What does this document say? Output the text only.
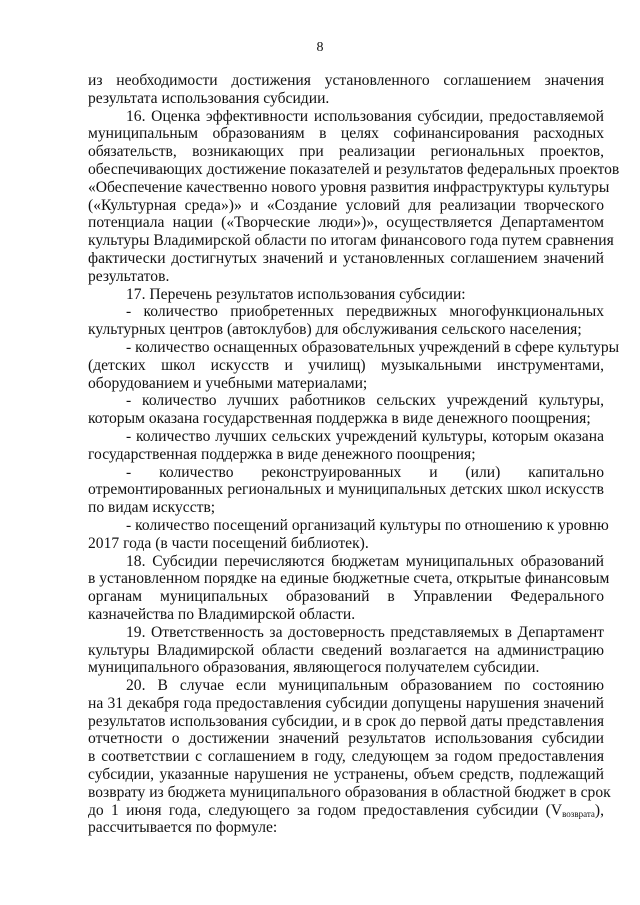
8
из необходимости достижения установленного соглашением значения
результата использования субсидии.
16. Оценка эффективности использования субсидии, предоставляемой
муниципальным образованиям в целях софинансирования расходных
обязательств, возникающих при реализации региональных проектов,
обеспечивающих достижение показателей и результатов федеральных проектов
«Обеспечение качественно нового уровня развития инфраструктуры культуры
(«Культурная среда»)» и «Создание условий для реализации творческого
потенциала нации («Творческие люди»)», осуществляется Департаментом
культуры Владимирской области по итогам финансового года путем сравнения
фактически достигнутых значений и установленных соглашением значений
результатов.
17. Перечень результатов использования субсидии:
- количество приобретенных передвижных многофункциональных
культурных центров (автоклубов) для обслуживания сельского населения;
- количество оснащенных образовательных учреждений в сфере культуры
(детских школ искусств и училищ) музыкальными инструментами,
оборудованием и учебными материалами;
- количество лучших работников сельских учреждений культуры,
которым оказана государственная поддержка в виде денежного поощрения;
- количество лучших сельских учреждений культуры, которым оказана
государственная поддержка в виде денежного поощрения;
- количество реконструированных и (или) капитально
отремонтированных региональных и муниципальных детских школ искусств
по видам искусств;
- количество посещений организаций культуры по отношению к уровню
2017 года (в части посещений библиотек).
18. Субсидии перечисляются бюджетам муниципальных образований
в установленном порядке на единые бюджетные счета, открытые финансовым
органам муниципальных образований в Управлении Федерального
казначейства по Владимирской области.
19. Ответственность за достоверность представляемых в Департамент
культуры Владимирской области сведений возлагается на администрацию
муниципального образования, являющегося получателем субсидии.
20. В случае если муниципальным образованием по состоянию
на 31 декабря года предоставления субсидии допущены нарушения значений
результатов использования субсидии, и в срок до первой даты представления
отчетности о достижении значений результатов использования субсидии
в соответствии с соглашением в году, следующем за годом предоставления
субсидии, указанные нарушения не устранены, объем средств, подлежащий
возврату из бюджета муниципального образования в областной бюджет в срок
до 1 июня года, следующего за годом предоставления субсидии $(V_{возврата})$,
рассчитывается по формуле:
